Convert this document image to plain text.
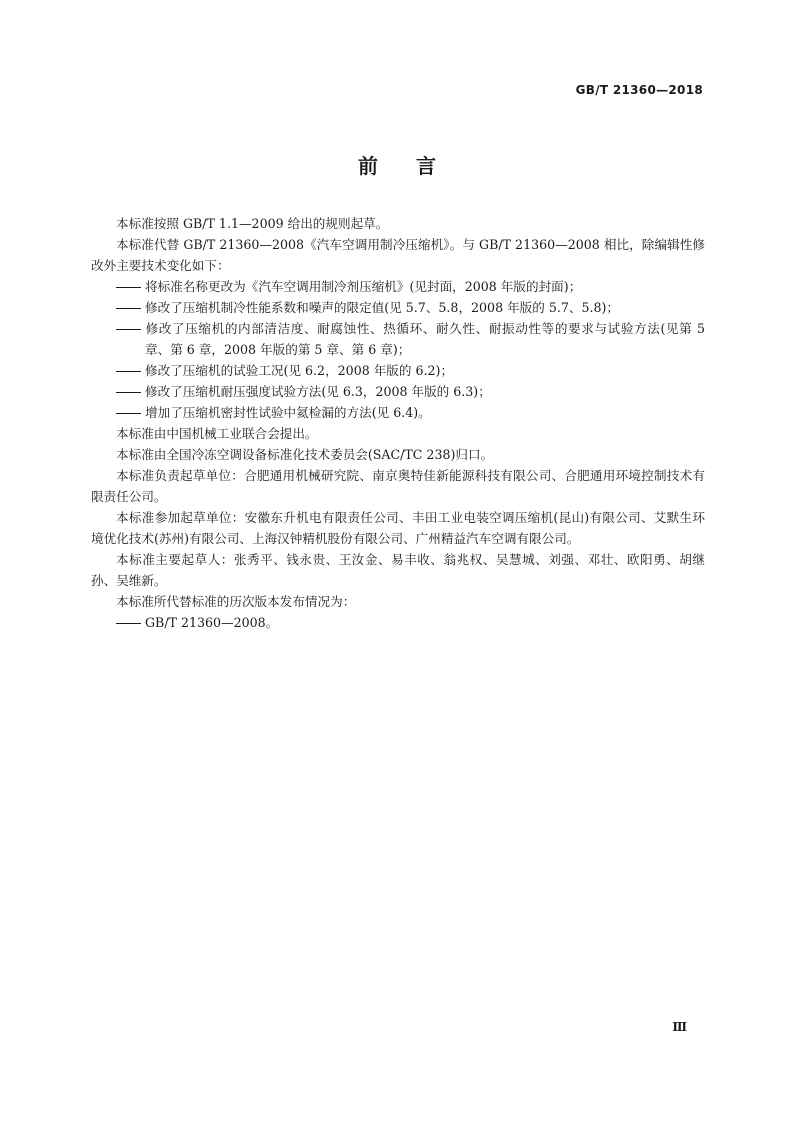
GB/T 21360—2018
前言

本标准按照 GB/T 1.1—2009 给出的规则起草。

本标准代替 GB/T 21360—2008《汽车空调用制冷压缩机》。与 GB/T 21360—2008 相比，除编辑性修改外主要技术变化如下：

将标准名称更改为《汽车空调用制冷剂压缩机》(见封面，2008 年版的封面)；

修改了压缩机制冷性能系数和噪声的限定值(见 5.7、5.8，2008 年版的 5.7、5.8)；

修改了压缩机的内部清洁度、耐腐蚀性、热循环、耐久性、耐振动性等的要求与试验方法(见第 5 章、第 6 章，2008 年版的第 5 章、第 6 章)；

修改了压缩机的试验工况(见 6.2，2008 年版的 6.2)；

修改了压缩机耐压强度试验方法(见 6.3，2008 年版的 6.3)；

增加了压缩机密封性试验中氦检漏的方法(见 6.4)。

本标准由中国机械工业联合会提出。

本标准由全国冷冻空调设备标准化技术委员会(SAC/TC 238)归口。

本标准负责起草单位：合肥通用机械研究院、南京奥特佳新能源科技有限公司、合肥通用环境控制技术有限责任公司。

本标准参加起草单位：安徽东升机电有限责任公司、丰田工业电装空调压缩机(昆山)有限公司、艾默生环境优化技术(苏州)有限公司、上海汉钟精机股份有限公司、广州精益汽车空调有限公司。

本标准主要起草人：张秀平、钱永贵、王汝金、易丰收、翁兆权、吴慧城、刘强、邓壮、欧阳勇、胡继孙、吴维新。

本标准所代替标准的历次版本发布情况为：

GB/T 21360—2008。

Ⅲ
